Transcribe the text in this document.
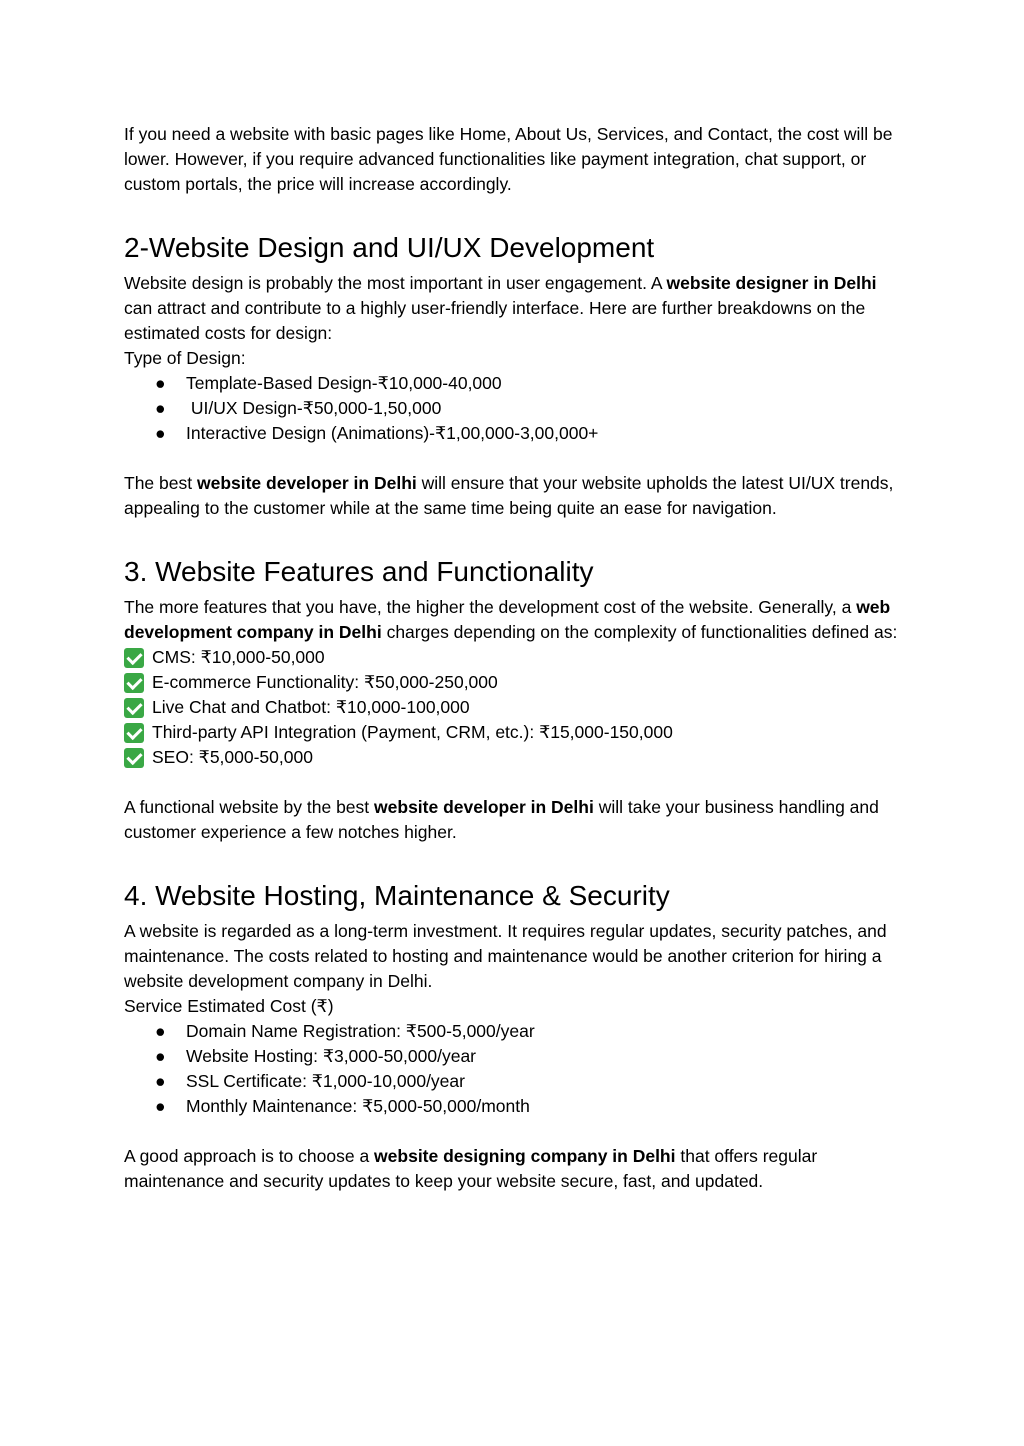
If you need a website with basic pages like Home, About Us, Services, and Contact, the cost will be lower. However, if you require advanced functionalities like payment integration, chat support, or custom portals, the price will increase accordingly.

2-Website Design and UI/UX Development

Website design is probably the most important in user engagement. A website designer in Delhi can attract and contribute to a highly user-friendly interface. Here are further breakdowns on the estimated costs for design:

Type of Design:

● Template-Based Design-₹10,000-40,000
● UI/UX Design-₹50,000-1,50,000
● Interactive Design (Animations)-₹1,00,000-3,00,000+

The best website developer in Delhi will ensure that your website upholds the latest UI/UX trends, appealing to the customer while at the same time being quite an ease for navigation.

3. Website Features and Functionality

The more features that you have, the higher the development cost of the website. Generally, a web development company in Delhi charges depending on the complexity of functionalities defined as:

CMS: ₹10,000-50,000
E-commerce Functionality: ₹50,000-250,000
Live Chat and Chatbot: ₹10,000-100,000
Third-party API Integration (Payment, CRM, etc.): ₹15,000-150,000
SEO: ₹5,000-50,000

A functional website by the best website developer in Delhi will take your business handling and customer experience a few notches higher.

4. Website Hosting, Maintenance & Security

A website is regarded as a long-term investment. It requires regular updates, security patches, and maintenance. The costs related to hosting and maintenance would be another criterion for hiring a website development company in Delhi.

Service Estimated Cost (₹)

● Domain Name Registration: ₹500-5,000/year
● Website Hosting: ₹3,000-50,000/year
● SSL Certificate: ₹1,000-10,000/year
● Monthly Maintenance: ₹5,000-50,000/month

A good approach is to choose a website designing company in Delhi that offers regular maintenance and security updates to keep your website secure, fast, and updated.
